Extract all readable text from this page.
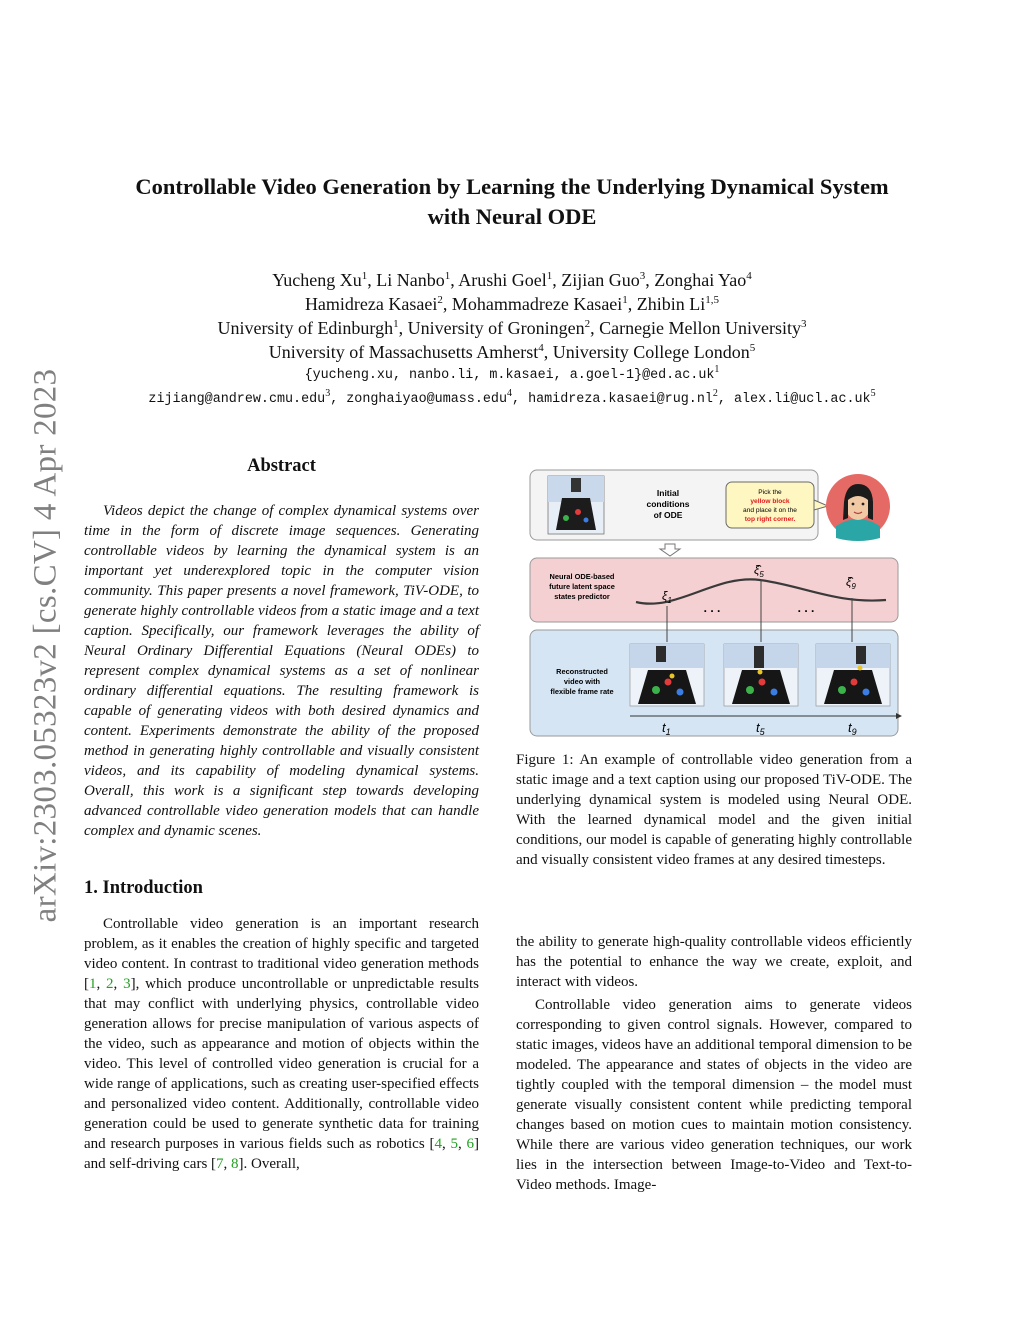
arXiv:2303.05323v2 [cs.CV] 4 Apr 2023
Controllable Video Generation by Learning the Underlying Dynamical System
with Neural ODE
Yucheng Xu$^1$, Li Nanbo$^1$, Arushi Goel$^1$, Zijian Guo$^3$, Zonghai Yao$^4$
Hamidreza Kasaei$^2$, Mohammadreze Kasaei$^1$, Zhibin Li$^{1,5}$
University of Edinburgh$^1$, University of Groningen$^2$, Carnegie Mellon University$^3$
University of Massachusetts Amherst$^4$, University College London$^5$
{yucheng.xu, nanbo.li, m.kasaei, $a.goel-1\}@ed.ac.uk^1$
zijiang@andrew.cmu.edu$^3$, zonghaiyao@umass.edu$^4$, $hamidreza.kasaei@rug.nl^2$, $alex.li@ucl.ac.uk^5$
Abstract

Videos depict the change of complex dynamical systems over time in the form of discrete image sequences. Generating controllable videos by learning the dynamical system is an important yet underexplored topic in the computer vision community. This paper presents a novel framework, TiV-ODE, to generate highly controllable videos from a static image and a text caption. Specifically, our framework leverages the ability of Neural Ordinary Differential Equations (Neural ODEs) to represent complex dynamical systems as a set of nonlinear ordinary differential equations. The resulting framework is capable of generating videos with both desired dynamics and content. Experiments demonstrate the ability of the proposed method in generating highly controllable and visually consistent videos, and its capability of modeling dynamical systems. Overall, this work is a significant step towards developing advanced controllable video generation models that can handle complex and dynamic scenes.

1. Introduction

Controllable video generation is an important research problem, as it enables the creation of highly specific and targeted video content. In contrast to traditional video generation methods [1, 2, 3], which produce uncontrollable or unpredictable results that may conflict with underlying physics, controllable video generation allows for precise manipulation of various aspects of the video, such as appearance and motion of objects within the video. This level of controlled video generation is crucial for a wide range of applications, such as creating user-specified effects and personalized video content. Additionally, controllable video generation could be used to generate synthetic data for training and research purposes in various fields such as robotics [4, 5, 6] and self-driving cars [7, 8]. Overall,

Initial
conditions
of ODE
Pick the
yellow block
and place it on the
top right corner.
Neural ODE-based
future latent space
states predictor	$\xi_1$
$\xî_5$
$\xî_9$
. . .	. . .
Reconstructed
video with
flexible frame rate
$t_1$	$t_5$	$t_9$
Figure 1: An example of controllable video generation from a static image and a text caption using our proposed TiV-ODE. The underlying dynamical system is modeled using Neural ODE. With the learned dynamical model and the given initial conditions, our model is capable of generating highly controllable and visually consistent video frames at any desired timesteps.

the ability to generate high-quality controllable videos efficiently has the potential to enhance the way we create, exploit, and interact with videos.

Controllable video generation aims to generate videos corresponding to given control signals. However, compared to static images, videos have an additional temporal dimension to be modeled. The appearance and states of objects in the video are tightly coupled with the temporal dimension – the model must generate visually consistent content while predicting temporal changes based on motion cues to maintain motion consistency. While there are various video generation techniques, our work lies in the intersection between Image-to-Video and Text-to-Video methods. Image-
